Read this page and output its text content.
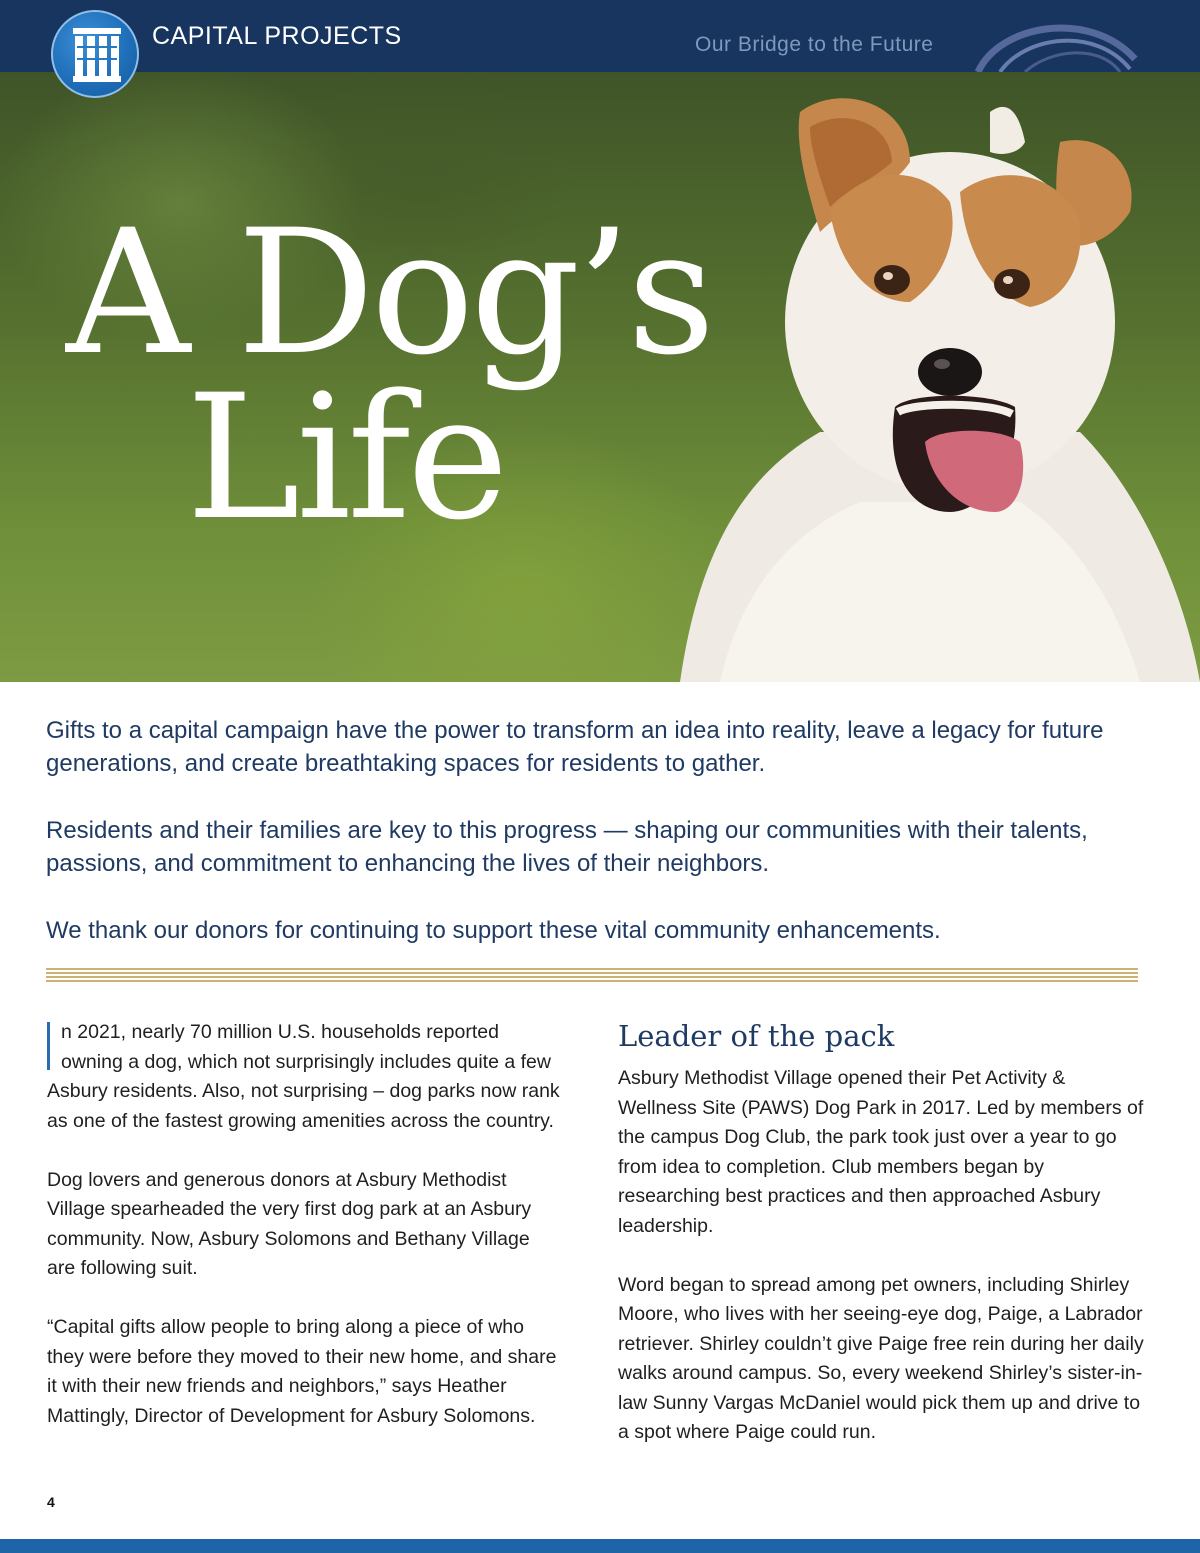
CAPITAL PROJECTS	Our Bridge to the Future
A Dog’s
Life

Gifts to a capital campaign have the power to transform an idea into reality, leave a legacy for future generations, and create breathtaking spaces for residents to gather.

Residents and their families are key to this progress — shaping our communities with their talents, passions, and commitment to enhancing the lives of their neighbors.

We thank our donors for continuing to support these vital community enhancements.

n 2021, nearly 70 million U.S. households reported owning a dog, which not surprisingly includes quite a few Asbury residents. Also, not surprising – dog parks now rank as one of the fastest growing amenities across the country.

Dog lovers and generous donors at Asbury Methodist Village spearheaded the very first dog park at an Asbury community. Now, Asbury Solomons and Bethany Village are following suit.

“Capital gifts allow people to bring along a piece of who they were before they moved to their new home, and share it with their new friends and neighbors,” says Heather Mattingly, Director of Development for Asbury Solomons.

Leader of the pack

Asbury Methodist Village opened their Pet Activity & Wellness Site (PAWS) Dog Park in 2017. Led by members of the campus Dog Club, the park took just over a year to go from idea to completion. Club members began by researching best practices and then approached Asbury leadership.

Word began to spread among pet owners, including Shirley Moore, who lives with her seeing-eye dog, Paige, a Labrador retriever. Shirley couldn’t give Paige free rein during her daily walks around campus. So, every weekend Shirley’s sister-in-law Sunny Vargas McDaniel would pick them up and drive to a spot where Paige could run.

4
